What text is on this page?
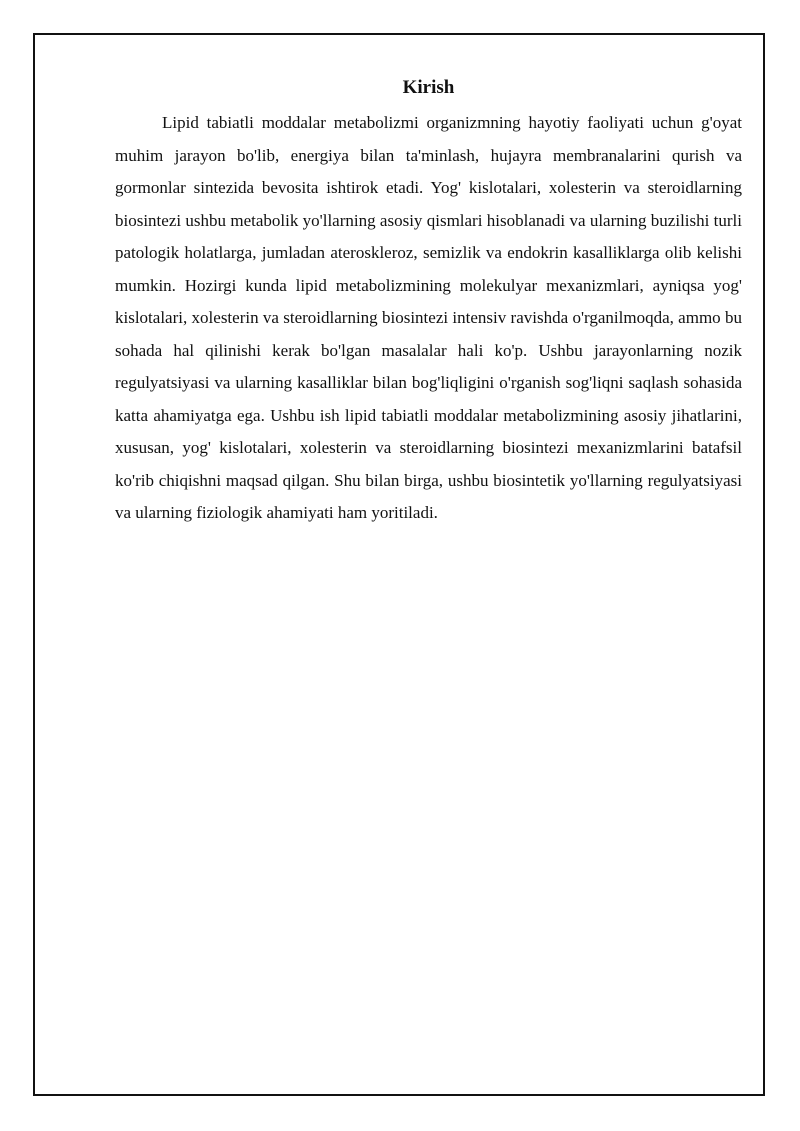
Kirish

Lipid tabiatli moddalar metabolizmi organizmning hayotiy faoliyati uchun g'oyat muhim jarayon bo'lib, energiya bilan ta'minlash, hujayra membranalarini qurish va gormonlar sintezida bevosita ishtirok etadi. Yog' kislotalari, xolesterin va steroidlarning biosintezi ushbu metabolik yo'llarning asosiy qismlari hisoblanadi va ularning buzilishi turli patologik holatlarga, jumladan ateroskleroz, semizlik va endokrin kasalliklarga olib kelishi mumkin. Hozirgi kunda lipid metabolizmining molekulyar mexanizmlari, ayniqsa yog' kislotalari, xolesterin va steroidlarning biosintezi intensiv ravishda o'rganilmoqda, ammo bu sohada hal qilinishi kerak bo'lgan masalalar hali ko'p. Ushbu jarayonlarning nozik regulyatsiyasi va ularning kasalliklar bilan bog'liqligini o'rganish sog'liqni saqlash sohasida katta ahamiyatga ega. Ushbu ish lipid tabiatli moddalar metabolizmining asosiy jihatlarini, xususan, yog' kislotalari, xolesterin va steroidlarning biosintezi mexanizmlarini batafsil ko'rib chiqishni maqsad qilgan. Shu bilan birga, ushbu biosintetik yo'llarning regulyatsiyasi va ularning fiziologik ahamiyati ham yoritiladi.
